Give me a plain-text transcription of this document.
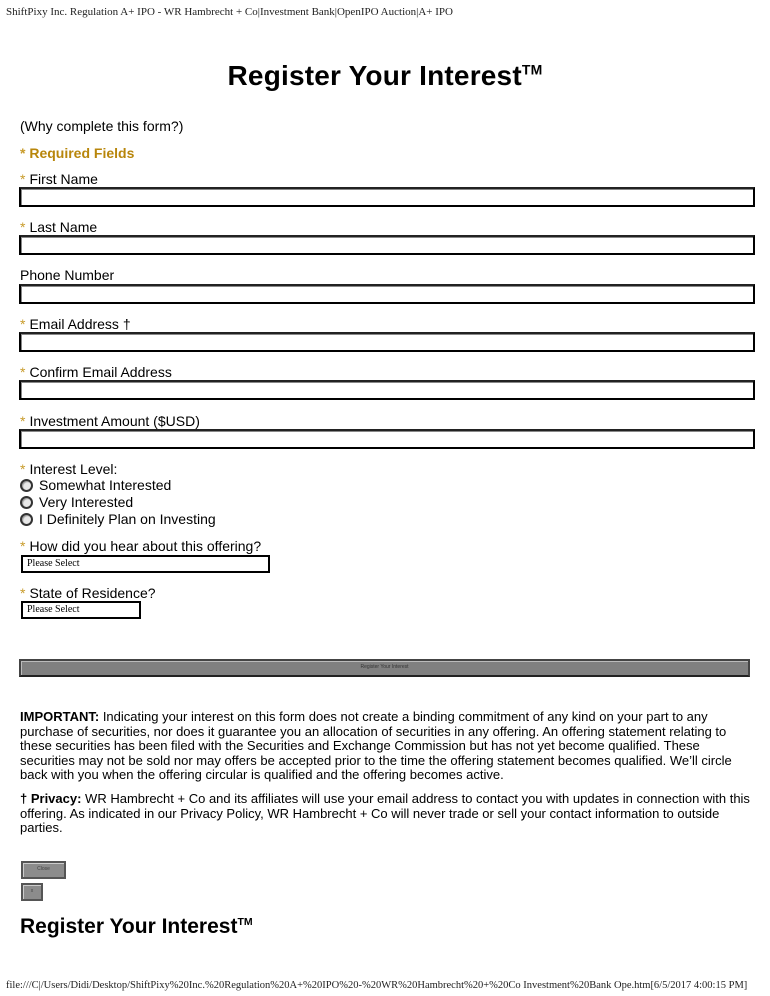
ShiftPixy Inc. Regulation A+ IPO - WR Hambrecht + Co|Investment Bank|OpenIPO Auction|A+ IPO
Register Your Interest™
(Why complete this form?)
* Required Fields
* First Name
* Last Name
Phone Number
* Email Address †
* Confirm Email Address
* Investment Amount ($USD)
* Interest Level:
Somewhat Interested
Very Interested
I Definitely Plan on Investing
* How did you hear about this offering?
Please Select
* State of Residence?
Please Select
Register Your Interest
IMPORTANT: Indicating your interest on this form does not create a binding commitment of any kind on your part to any purchase of securities, nor does it guarantee you an allocation of securities in any offering. An offering statement relating to these securities has been filed with the Securities and Exchange Commission but has not yet become qualified. These securities may not be sold nor may offers be accepted prior to the time the offering statement becomes qualified. We’ll circle back with you when the offering circular is qualified and the offering becomes active.
† Privacy: WR Hambrecht + Co and its affiliates will use your email address to contact you with updates in connection with this offering. As indicated in our Privacy Policy, WR Hambrecht + Co will never trade or sell your contact information to outside parties.
Close
x
Register Your Interest™
file:///C|/Users/Didi/Desktop/ShiftPixy%20Inc.%20Regulation%20A+%20IPO%20-%20WR%20Hambrecht%20+%20Co Investment%20Bank Ope.htm[6/5/2017 4:00:15 PM]
